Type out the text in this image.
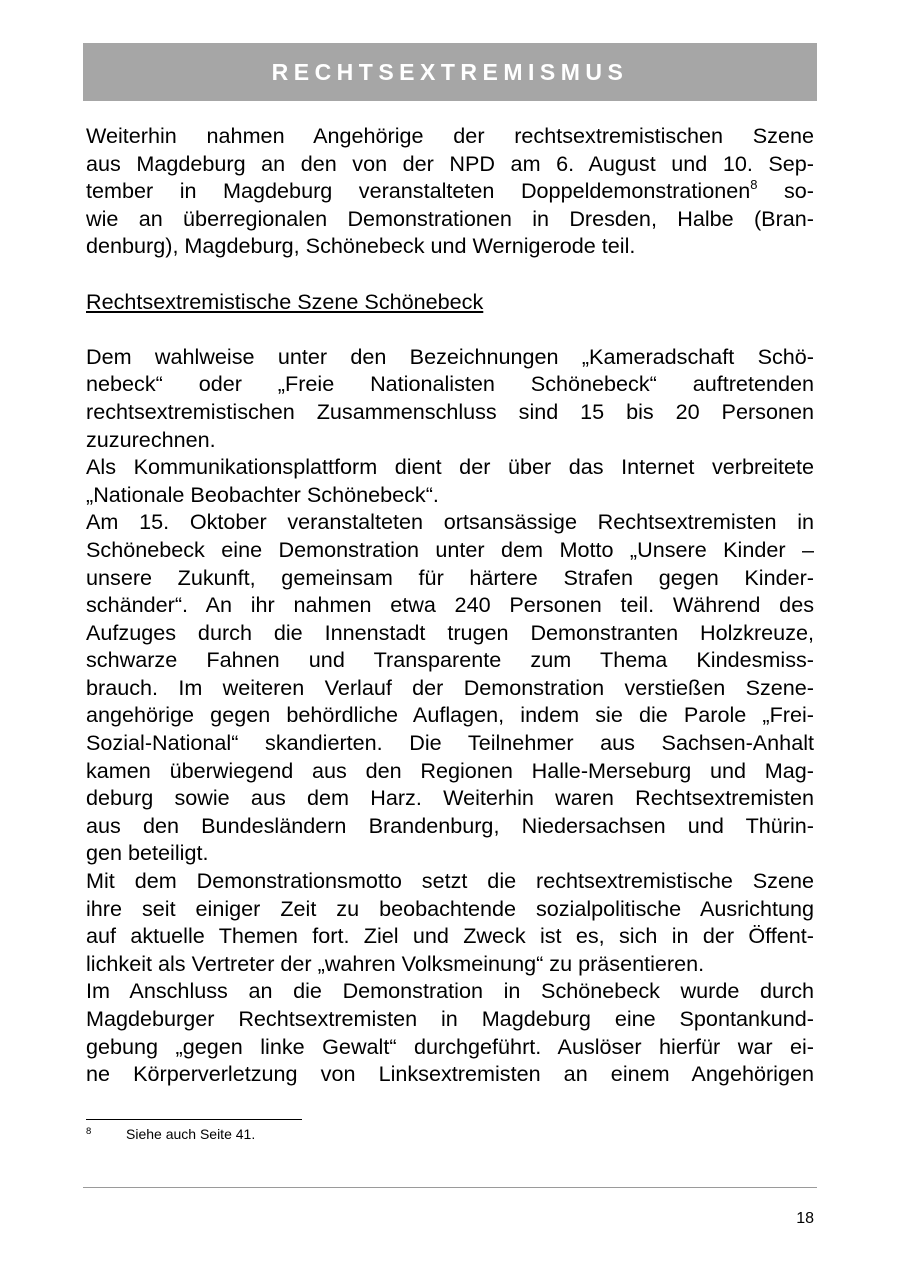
RECHTSEXTREMISMUS
Weiterhin nahmen Angehörige der rechtsextremistischen Szene
aus Magdeburg an den von der NPD am 6. August und 10. Sep-
tember in Magdeburg veranstalteten Doppeldemonstrationen$^8$ so-
wie an überregionalen Demonstrationen in Dresden, Halbe (Bran-
denburg), Magdeburg, Schönebeck und Wernigerode teil.
Rechtsextremistische Szene Schönebeck
Dem wahlweise unter den Bezeichnungen „Kameradschaft Schö-
nebeck“ oder „Freie Nationalisten Schönebeck“ auftretenden
rechtsextremistischen Zusammenschluss sind 15 bis 20 Personen
zuzurechnen.
Als Kommunikationsplattform dient der über das Internet verbreitete
„Nationale Beobachter Schönebeck“.
Am 15. Oktober veranstalteten ortsansässige Rechtsextremisten in
Schönebeck eine Demonstration unter dem Motto „Unsere Kinder –
unsere Zukunft, gemeinsam für härtere Strafen gegen Kinder-
schänder“. An ihr nahmen etwa 240 Personen teil. Während des
Aufzuges durch die Innenstadt trugen Demonstranten Holzkreuze,
schwarze Fahnen und Transparente zum Thema Kindesmiss-
brauch. Im weiteren Verlauf der Demonstration verstießen Szene-
angehörige gegen behördliche Auflagen, indem sie die Parole „Frei-
Sozial-National“ skandierten. Die Teilnehmer aus Sachsen-Anhalt
kamen überwiegend aus den Regionen Halle-Merseburg und Mag-
deburg sowie aus dem Harz. Weiterhin waren Rechtsextremisten
aus den Bundesländern Brandenburg, Niedersachsen und Thürin-
gen beteiligt.
Mit dem Demonstrationsmotto setzt die rechtsextremistische Szene
ihre seit einiger Zeit zu beobachtende sozialpolitische Ausrichtung
auf aktuelle Themen fort. Ziel und Zweck ist es, sich in der Öffent-
lichkeit als Vertreter der „wahren Volksmeinung“ zu präsentieren.
Im Anschluss an die Demonstration in Schönebeck wurde durch
Magdeburger Rechtsextremisten in Magdeburg eine Spontankund-
gebung „gegen linke Gewalt“ durchgeführt. Auslöser hierfür war ei-
ne Körperverletzung von Linksextremisten an einem Angehörigen
8 Siehe auch Seite 41.
18
